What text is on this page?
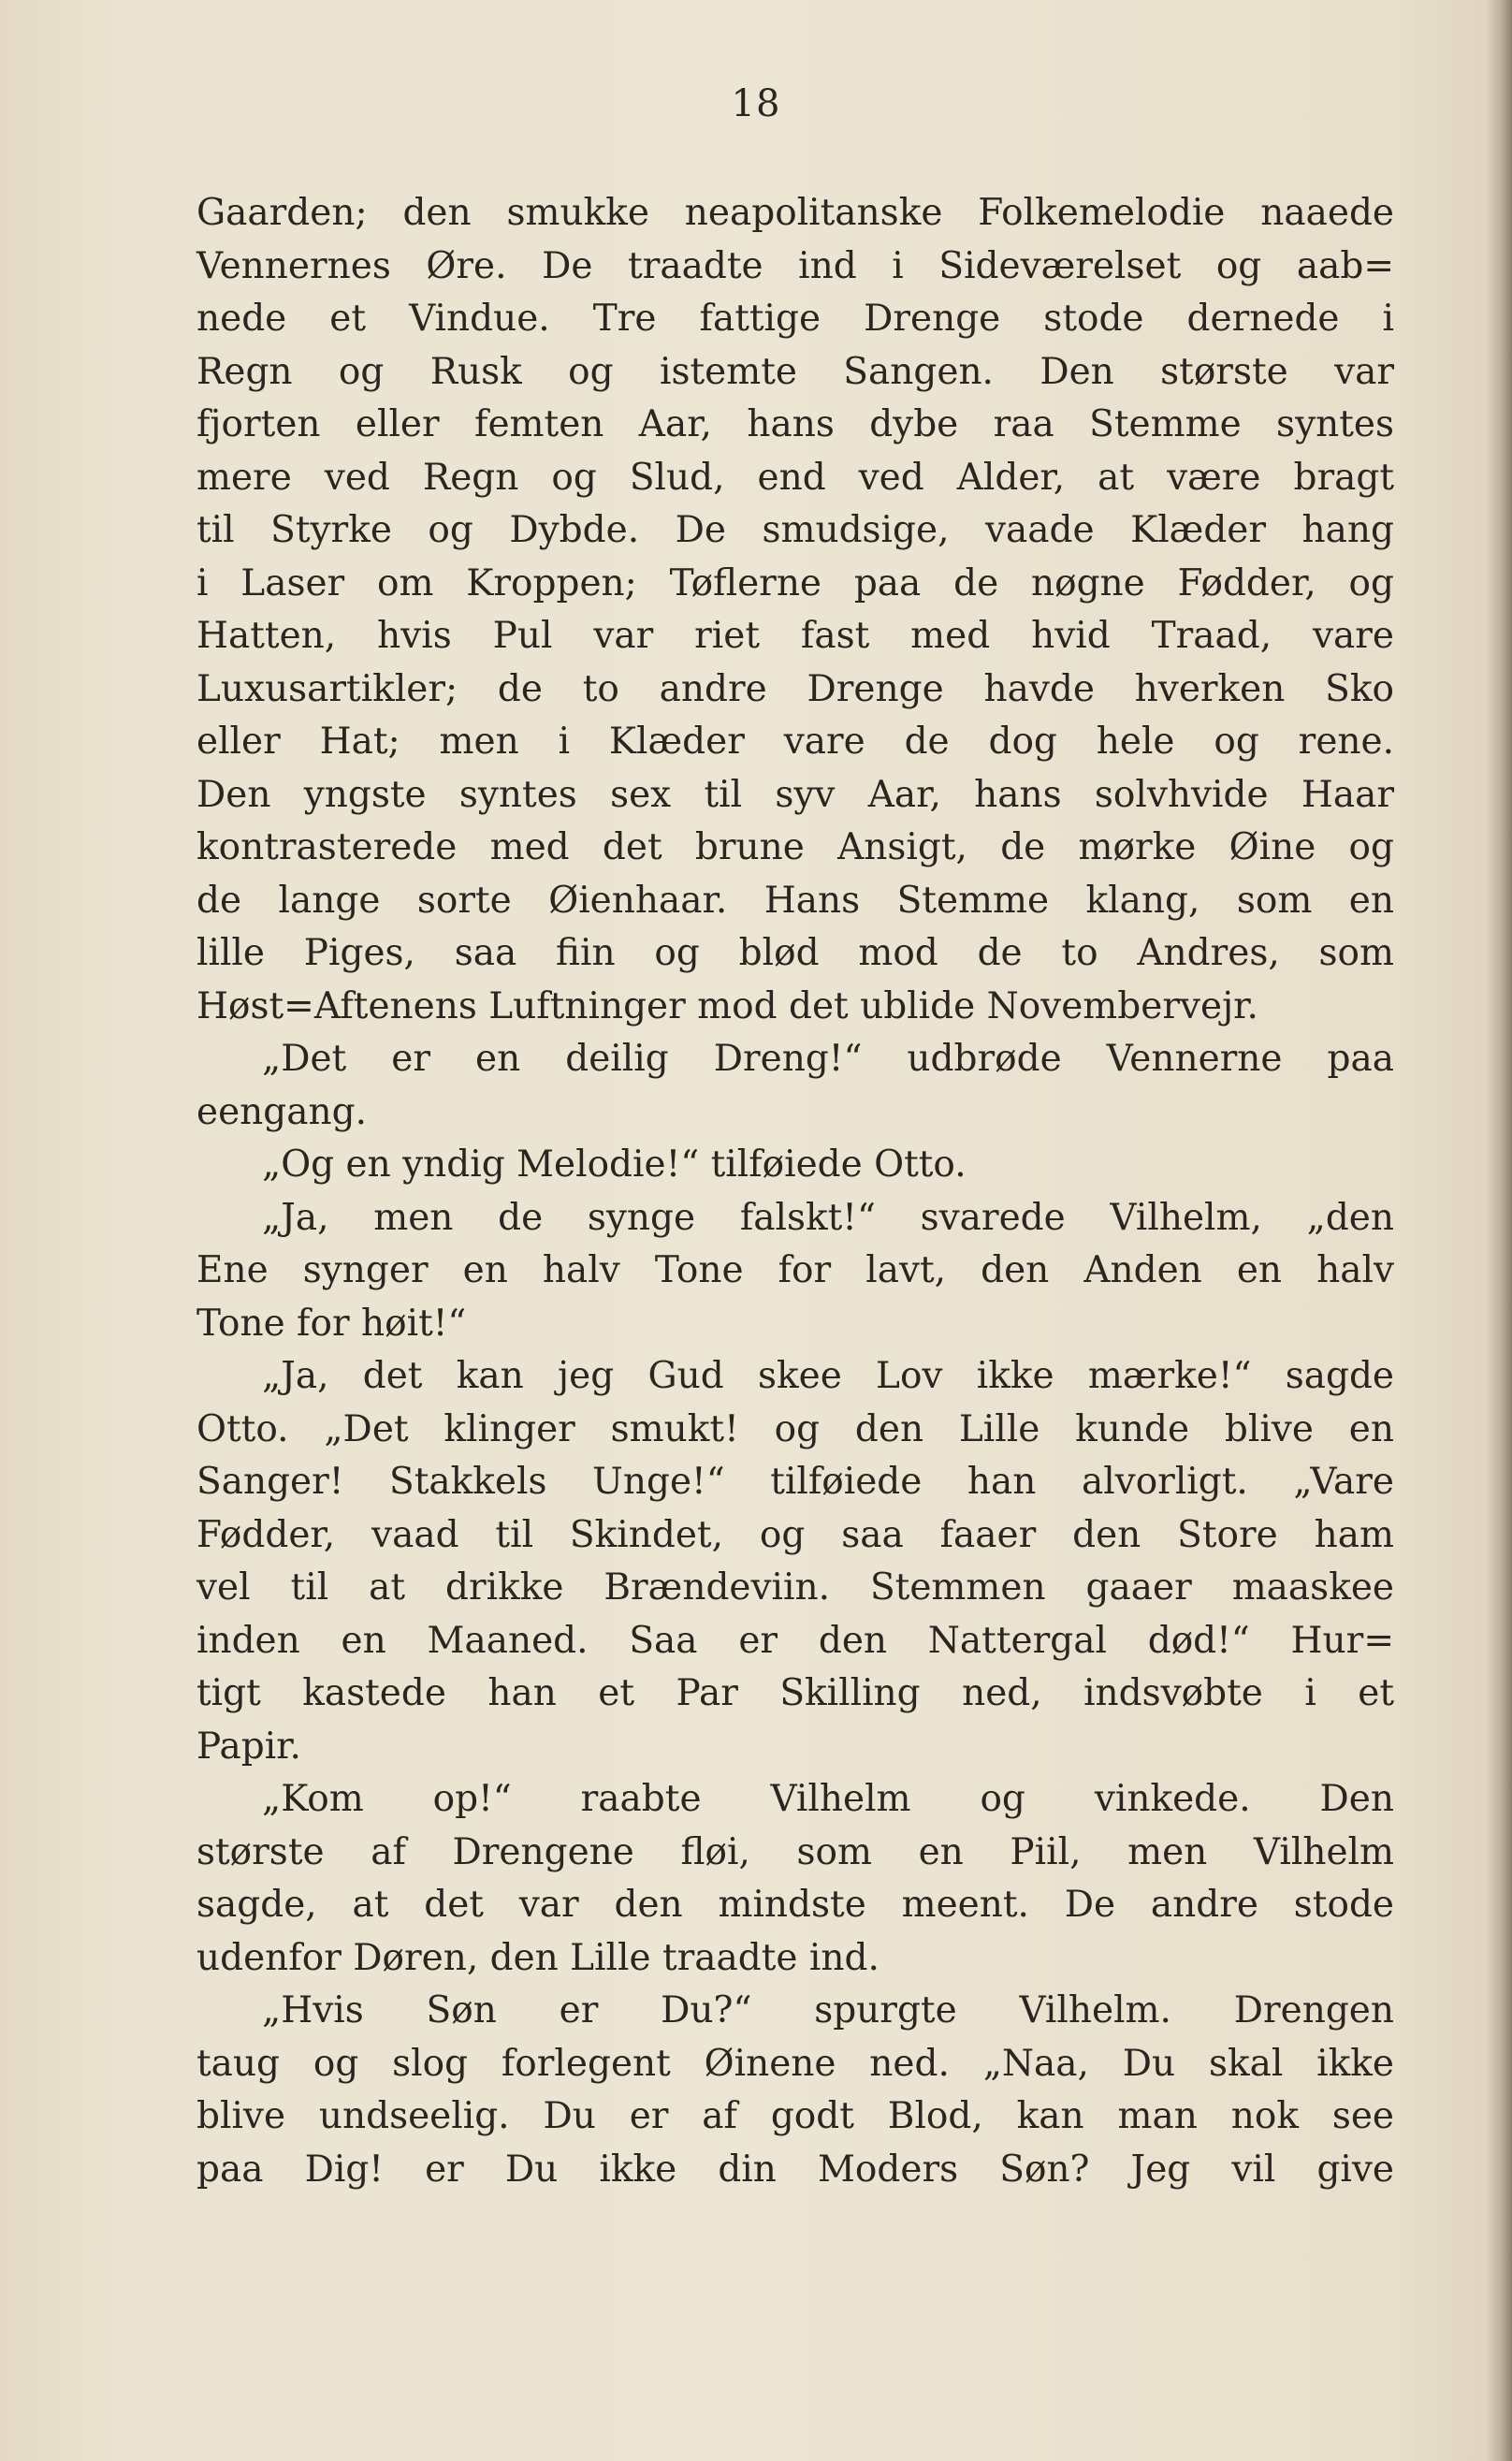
18
Gaarden; den smukke neapolitanske Folkemelodie naaede
Vennernes Øre. De traadte ind i Sideværelset og aab=
nede et Vindue. Tre fattige Drenge stode dernede i
Regn og Rusk og istemte Sangen. Den største var
fjorten eller femten Aar, hans dybe raa Stemme syntes
mere ved Regn og Slud, end ved Alder, at være bragt
til Styrke og Dybde. De smudsige, vaade Klæder hang
i Laser om Kroppen; Tøflerne paa de nøgne Fødder, og
Hatten, hvis Pul var riet fast med hvid Traad, vare
Luxusartikler; de to andre Drenge havde hverken Sko
eller Hat; men i Klæder vare de dog hele og rene.
Den yngste syntes sex til syv Aar, hans solvhvide Haar
kontrasterede med det brune Ansigt, de mørke Øine og
de lange sorte Øienhaar. Hans Stemme klang, som en
lille Piges, saa fiin og blød mod de to Andres, som
Høst=Aftenens Luftninger mod det ublide Novembervejr.
„Det er en deilig Dreng!“ udbrøde Vennerne paa
eengang.
„Og en yndig Melodie!“ tilføiede Otto.
„Ja, men de synge falskt!“ svarede Vilhelm, „den
Ene synger en halv Tone for lavt, den Anden en halv
Tone for høit!“
„Ja, det kan jeg Gud skee Lov ikke mærke!“ sagde
Otto. „Det klinger smukt! og den Lille kunde blive en
Sanger! Stakkels Unge!“ tilføiede han alvorligt. „Vare
Fødder, vaad til Skindet, og saa faaer den Store ham
vel til at drikke Brændeviin. Stemmen gaaer maaskee
inden en Maaned. Saa er den Nattergal død!“ Hur=
tigt kastede han et Par Skilling ned, indsvøbte i et
Papir.
„Kom op!“ raabte Vilhelm og vinkede. Den
største af Drengene fløi, som en Piil, men Vilhelm
sagde, at det var den mindste meent. De andre stode
udenfor Døren, den Lille traadte ind.
„Hvis Søn er Du?“ spurgte Vilhelm. Drengen
taug og slog forlegent Øinene ned. „Naa, Du skal ikke
blive undseelig. Du er af godt Blod, kan man nok see
paa Dig! er Du ikke din Moders Søn? Jeg vil give
